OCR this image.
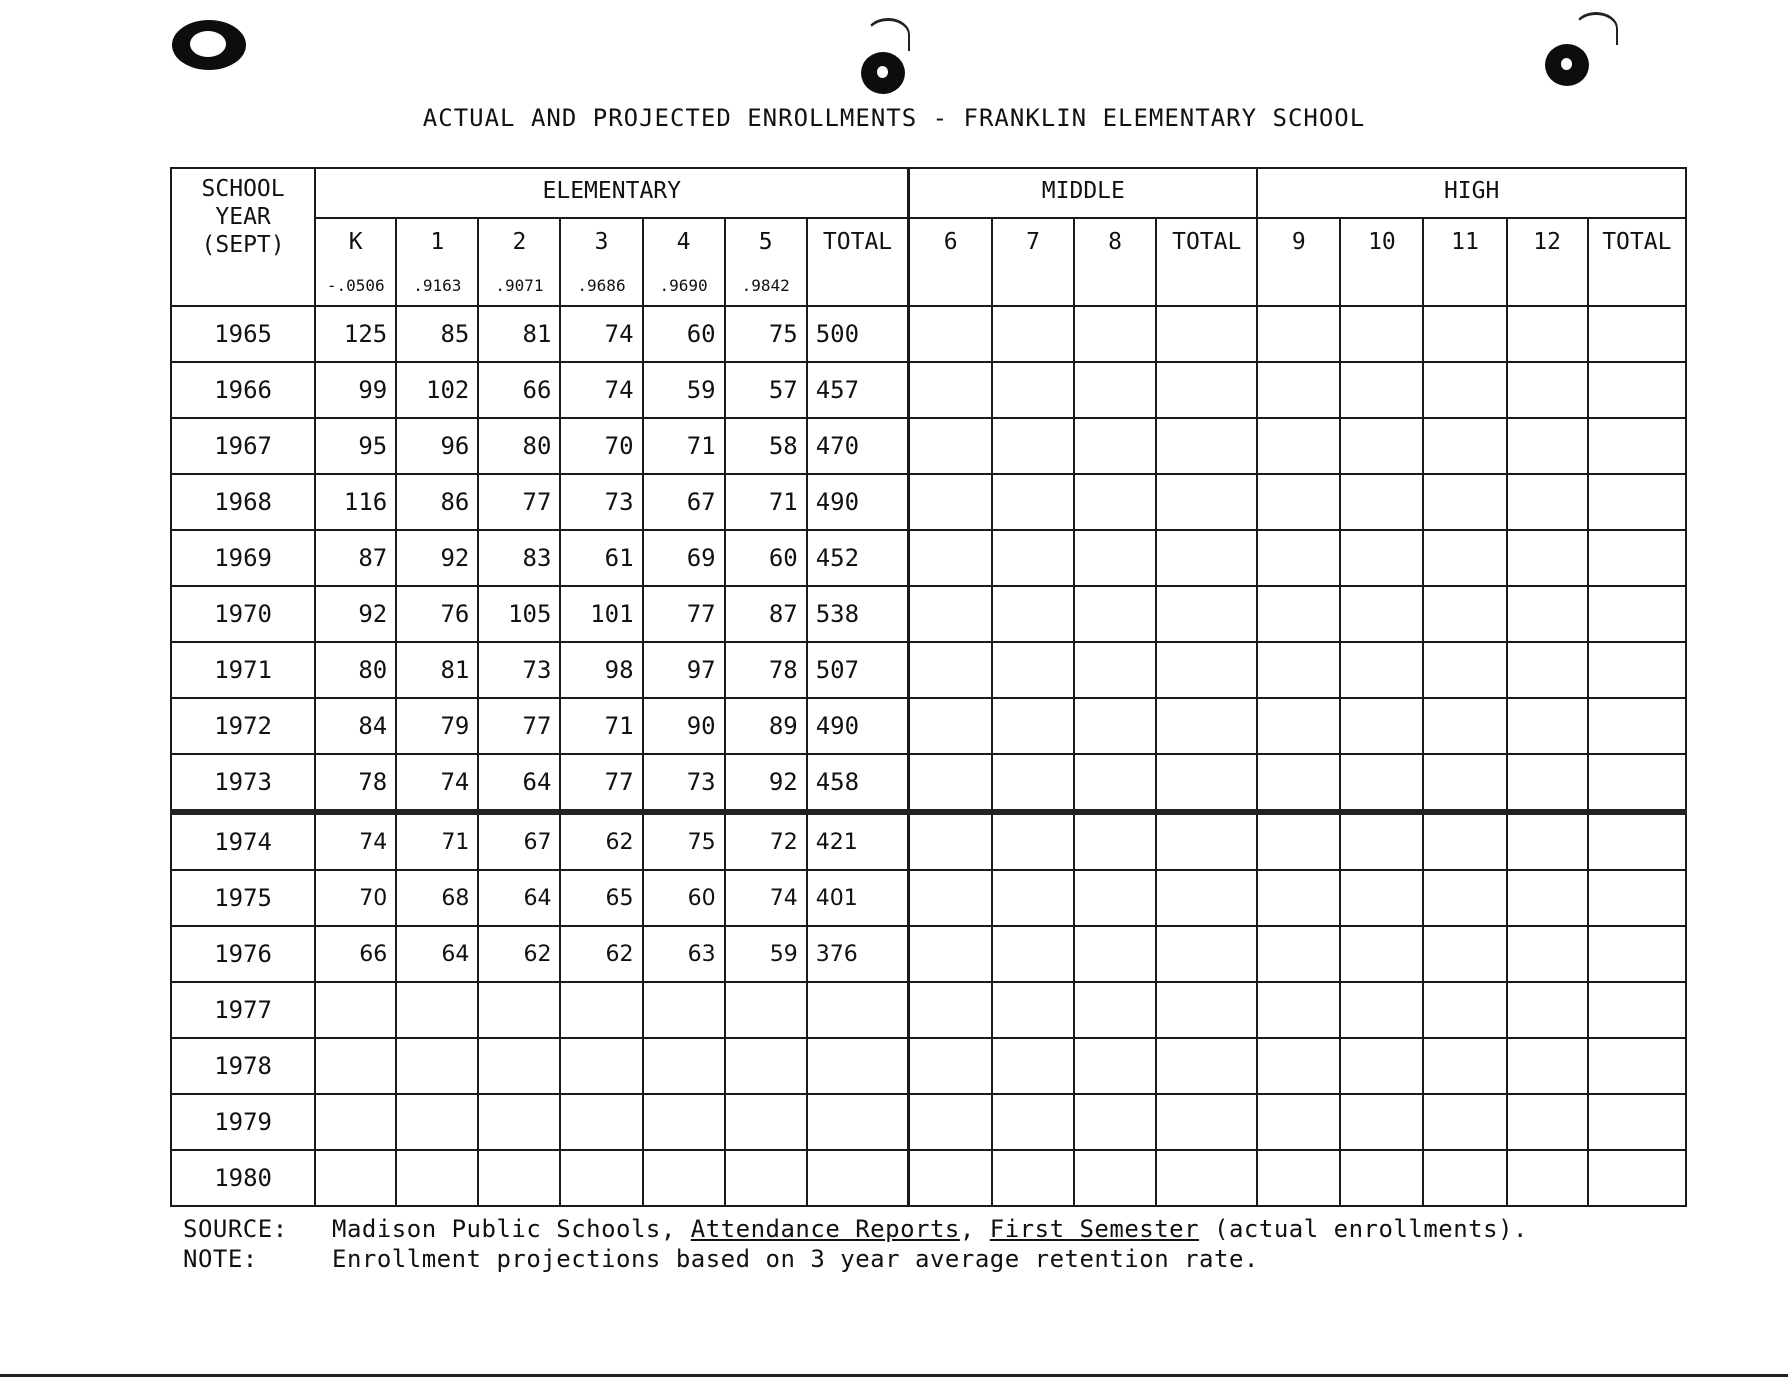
ACTUAL AND PROJECTED ENROLLMENTS - FRANKLIN ELEMENTARY SCHOOL
SCHOOL
YEAR
(SEPT)	ELEMENTARY							MIDDLE				HIGH				
	K	1	2	3	4	5	TOTAL	6	7	8	TOTAL	9	10	11	12	TOTAL
	-.0506	.9163	.9071	.9686	.9690	.9842										
1965	125	85	81	74	60	75	500									
1966	99	102	66	74	59	57	457									
1967	95	96	80	70	71	58	470									
1968	116	86	77	73	67	71	490									
1969	87	92	83	61	69	60	452									
1970	92	76	105	101	77	87	538									
1971	80	81	73	98	97	78	507									
1972	84	79	77	71	90	89	490									
1973	78	74	64	77	73	92	458									
1974	74	71	67	62	75	72	421									
1975	70	68	64	65	60	74	401									
1976	66	64	62	62	63	59	376									
1977																
1978																
1979																
1980																
SOURCE:	Madison Public Schools, Attendance Reports, First Semester (actual enrollments).
NOTE:	Enrollment projections based on 3 year average retention rate.
